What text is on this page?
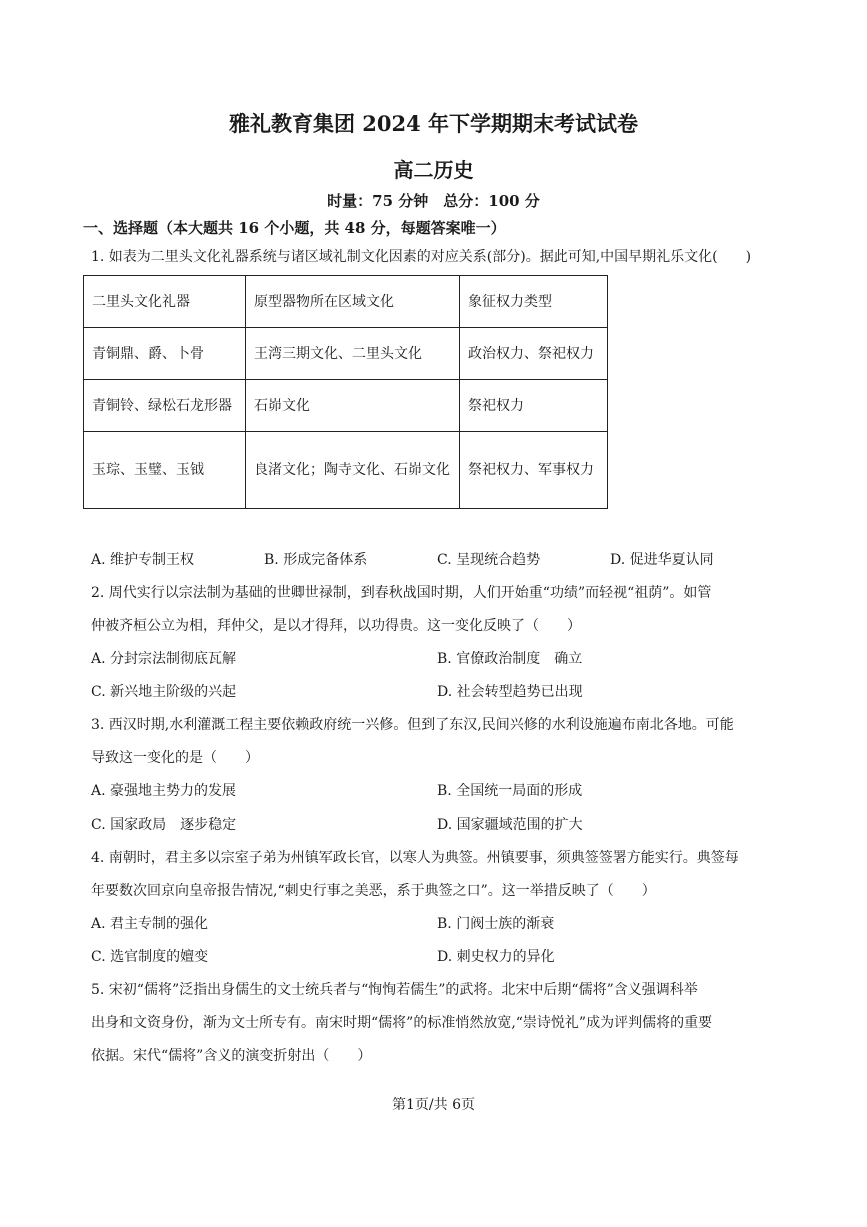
雅礼教育集团 2024 年下学期期末考试试卷
高二历史
时量：75 分钟　总分：100 分
一、选择题（本大题共 16 个小题，共 48 分，每题答案唯一）
1. 如表为二里头文化礼器系统与诸区域礼制文化因素的对应关系(部分)。据此可知,中国早期礼乐文化(　　)
二里头文化礼器	原型器物所在区域文化	象征权力类型
青铜鼎、爵、卜骨	王湾三期文化、二里头文化	政治权力、祭祀权力
青铜铃、绿松石龙形器	石峁文化	祭祀权力
玉琮、玉璧、玉钺	良渚文化；陶寺文化、石峁文化	祭祀权力、军事权力
A. 维护专制王权	B. 形成完备体系	C. 呈现统合趋势	D. 促进华夏认同
2. 周代实行以宗法制为基础的世卿世禄制，到春秋战国时期，人们开始重“功绩”而轻视“祖荫”。如管
仲被齐桓公立为相，拜仲父，是以才得拜，以功得贵。这一变化反映了（　　）
A. 分封宗法制彻底瓦解	B. 官僚政治制度　确立
C. 新兴地主阶级的兴起	D. 社会转型趋势已出现
3. 西汉时期,水利灌溉工程主要依赖政府统一兴修。但到了东汉,民间兴修的水利设施遍布南北各地。可能
导致这一变化的是（　　）
A. 豪强地主势力的发展	B. 全国统一局面的形成
C. 国家政局　逐步稳定	D. 国家疆域范围的扩大
4. 南朝时，君主多以宗室子弟为州镇军政长官，以寒人为典签。州镇要事，须典签签署方能实行。典签每
年要数次回京向皇帝报告情况,“刺史行事之美恶，系于典签之口”。这一举措反映了（　　）
A. 君主专制的强化	B. 门阀士族的渐衰
C. 选官制度的嬗变	D. 刺史权力的异化
5. 宋初“儒将”泛指出身儒生的文士统兵者与“恂恂若儒生”的武将。北宋中后期“儒将”含义强调科举
出身和文资身份，渐为文士所专有。南宋时期“儒将”的标准悄然放宽,“崇诗悦礼”成为评判儒将的重要
依据。宋代“儒将”含义的演变折射出（　　）
第1页/共 6页
